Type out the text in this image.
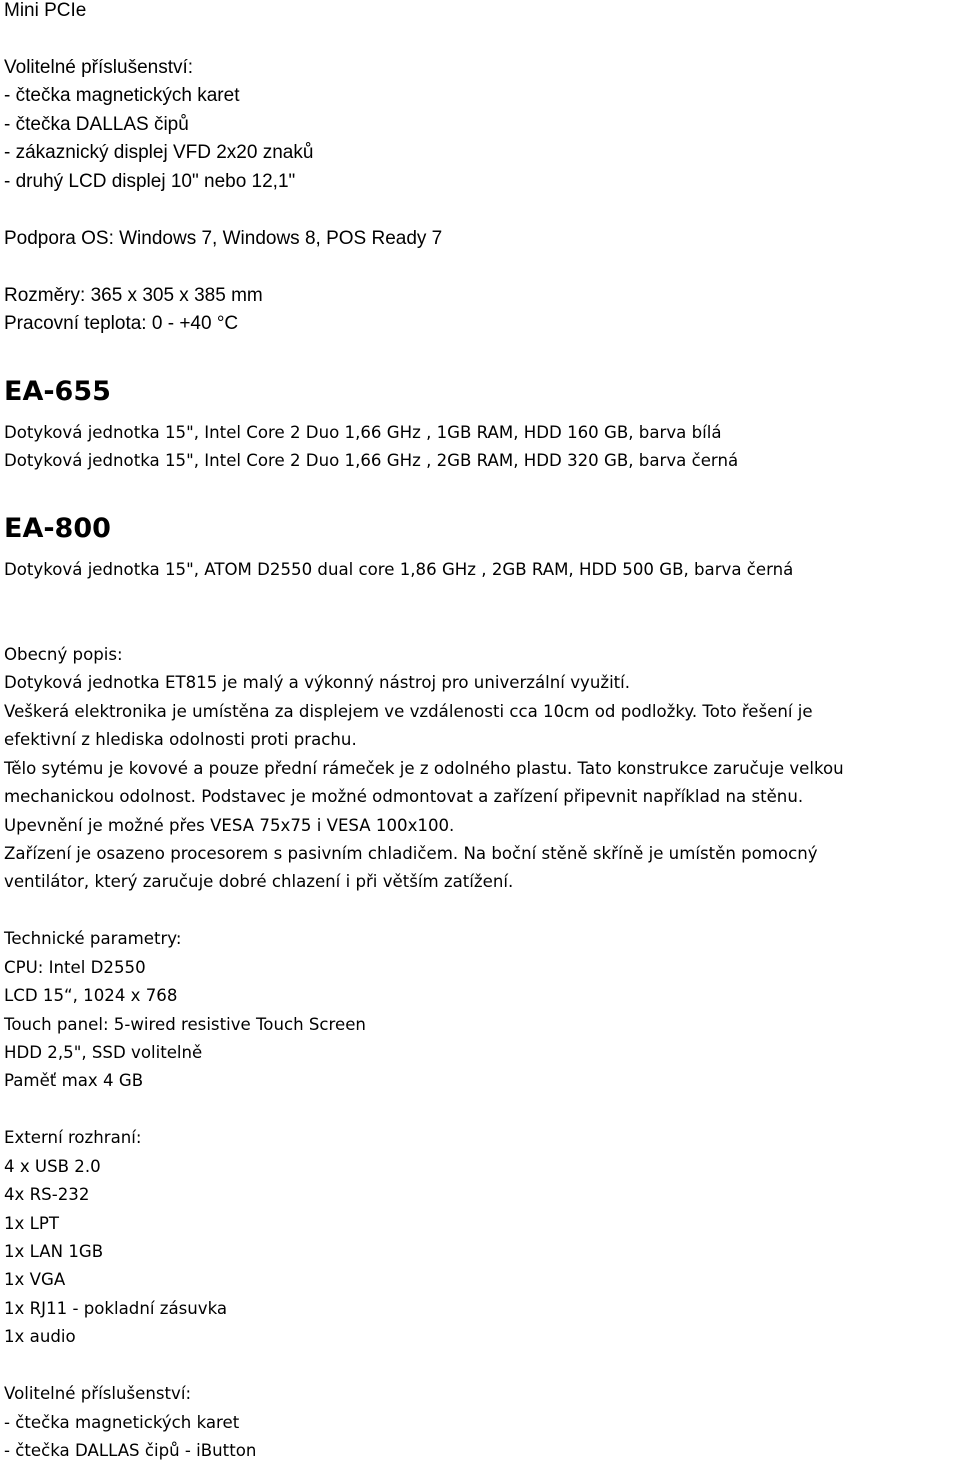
Mini PCIe
Volitelné příslušenství:
- čtečka magnetických karet
- čtečka DALLAS čipů
- zákaznický displej VFD 2x20 znaků
- druhý LCD displej 10" nebo 12,1"
Podpora OS: Windows 7, Windows 8, POS Ready 7
Rozměry: 365 x 305 x 385 mm
Pracovní teplota: 0 - +40 °C
EA-655
Dotyková jednotka 15", Intel Core 2 Duo 1,66 GHz , 1GB RAM, HDD 160 GB, barva bílá
Dotyková jednotka 15", Intel Core 2 Duo 1,66 GHz , 2GB RAM, HDD 320 GB, barva černá
EA-800
Dotyková jednotka 15", ATOM D2550 dual core 1,86 GHz , 2GB RAM, HDD 500 GB, barva černá
Obecný popis:
Dotyková jednotka ET815 je malý a výkonný nástroj pro univerzální využití.
Veškerá elektronika je umístěna za displejem ve vzdálenosti cca 10cm od podložky. Toto řešení je
efektivní z hlediska odolnosti proti prachu.
Tělo sytému je kovové a pouze přední rámeček je z odolného plastu. Tato konstrukce zaručuje velkou
mechanickou odolnost. Podstavec je možné odmontovat a zařízení připevnit například na stěnu.
Upevnění je možné přes VESA 75x75 i VESA 100x100.
Zařízení je osazeno procesorem s pasivním chladičem. Na boční stěně skříně je umístěn pomocný
ventilátor, který zaručuje dobré chlazení i při větším zatížení.
Technické parametry:
CPU: Intel D2550
LCD 15“, 1024 x 768
Touch panel: 5-wired resistive Touch Screen
HDD 2,5", SSD volitelně
Paměť max 4 GB
Externí rozhraní:
4 x USB 2.0
4x RS-232
1x LPT
1x LAN 1GB
1x VGA
1x RJ11 - pokladní zásuvka
1x audio
Volitelné příslušenství:
- čtečka magnetických karet
- čtečka DALLAS čipů - iButton
